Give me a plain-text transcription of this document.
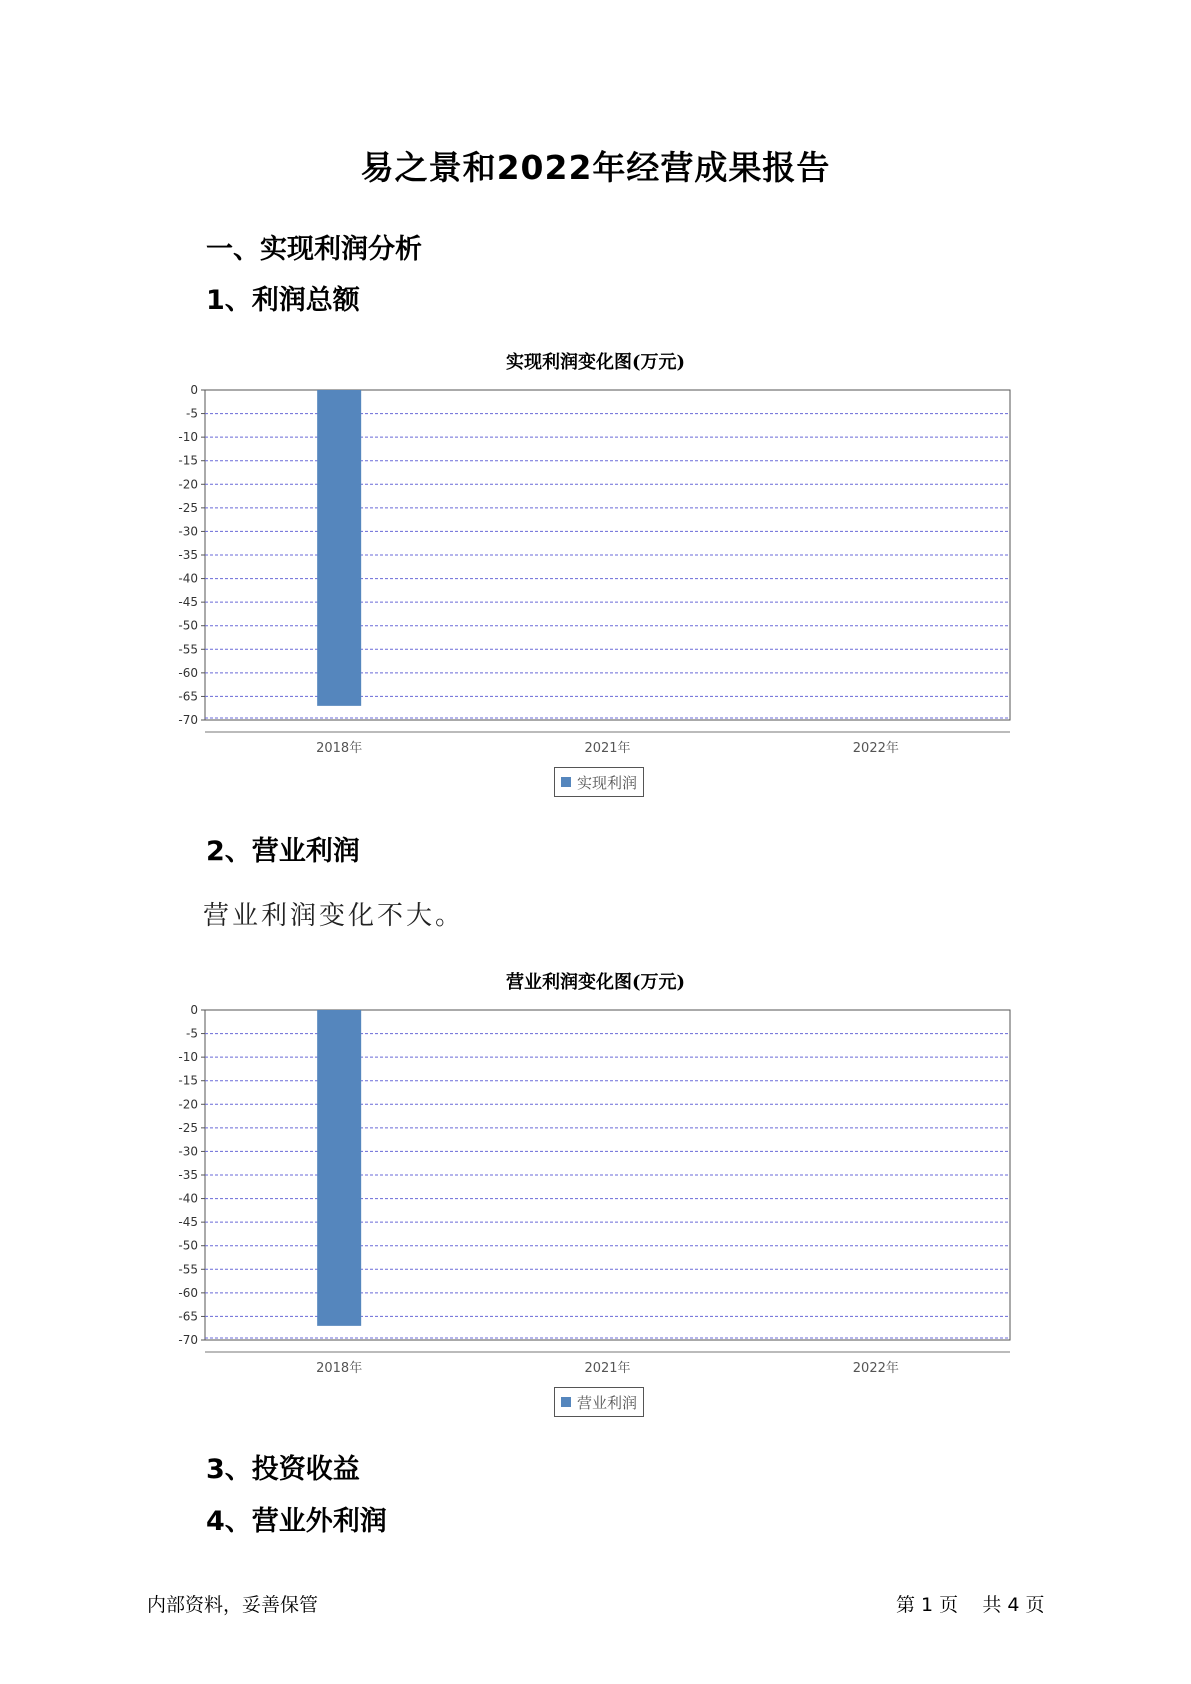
易之景和2022年经营成果报告
一、实现利润分析
1、利润总额
实现利润变化图(万元)
0
-5
-10
-15
-20
-25
-30
-35
-40
-45
-50
-55
-60
-65
-70
2018年	2021年	2022年
实现利润
2、营业利润
营业利润变化不大。
营业利润变化图(万元)
0
-5
-10
-15
-20
-25
-30
-35
-40
-45
-50
-55
-60
-65
-70
2018年	2021年	2022年
营业利润
3、投资收益
4、营业外利润
内部资料，妥善保管	第 1 页    共 4 页
